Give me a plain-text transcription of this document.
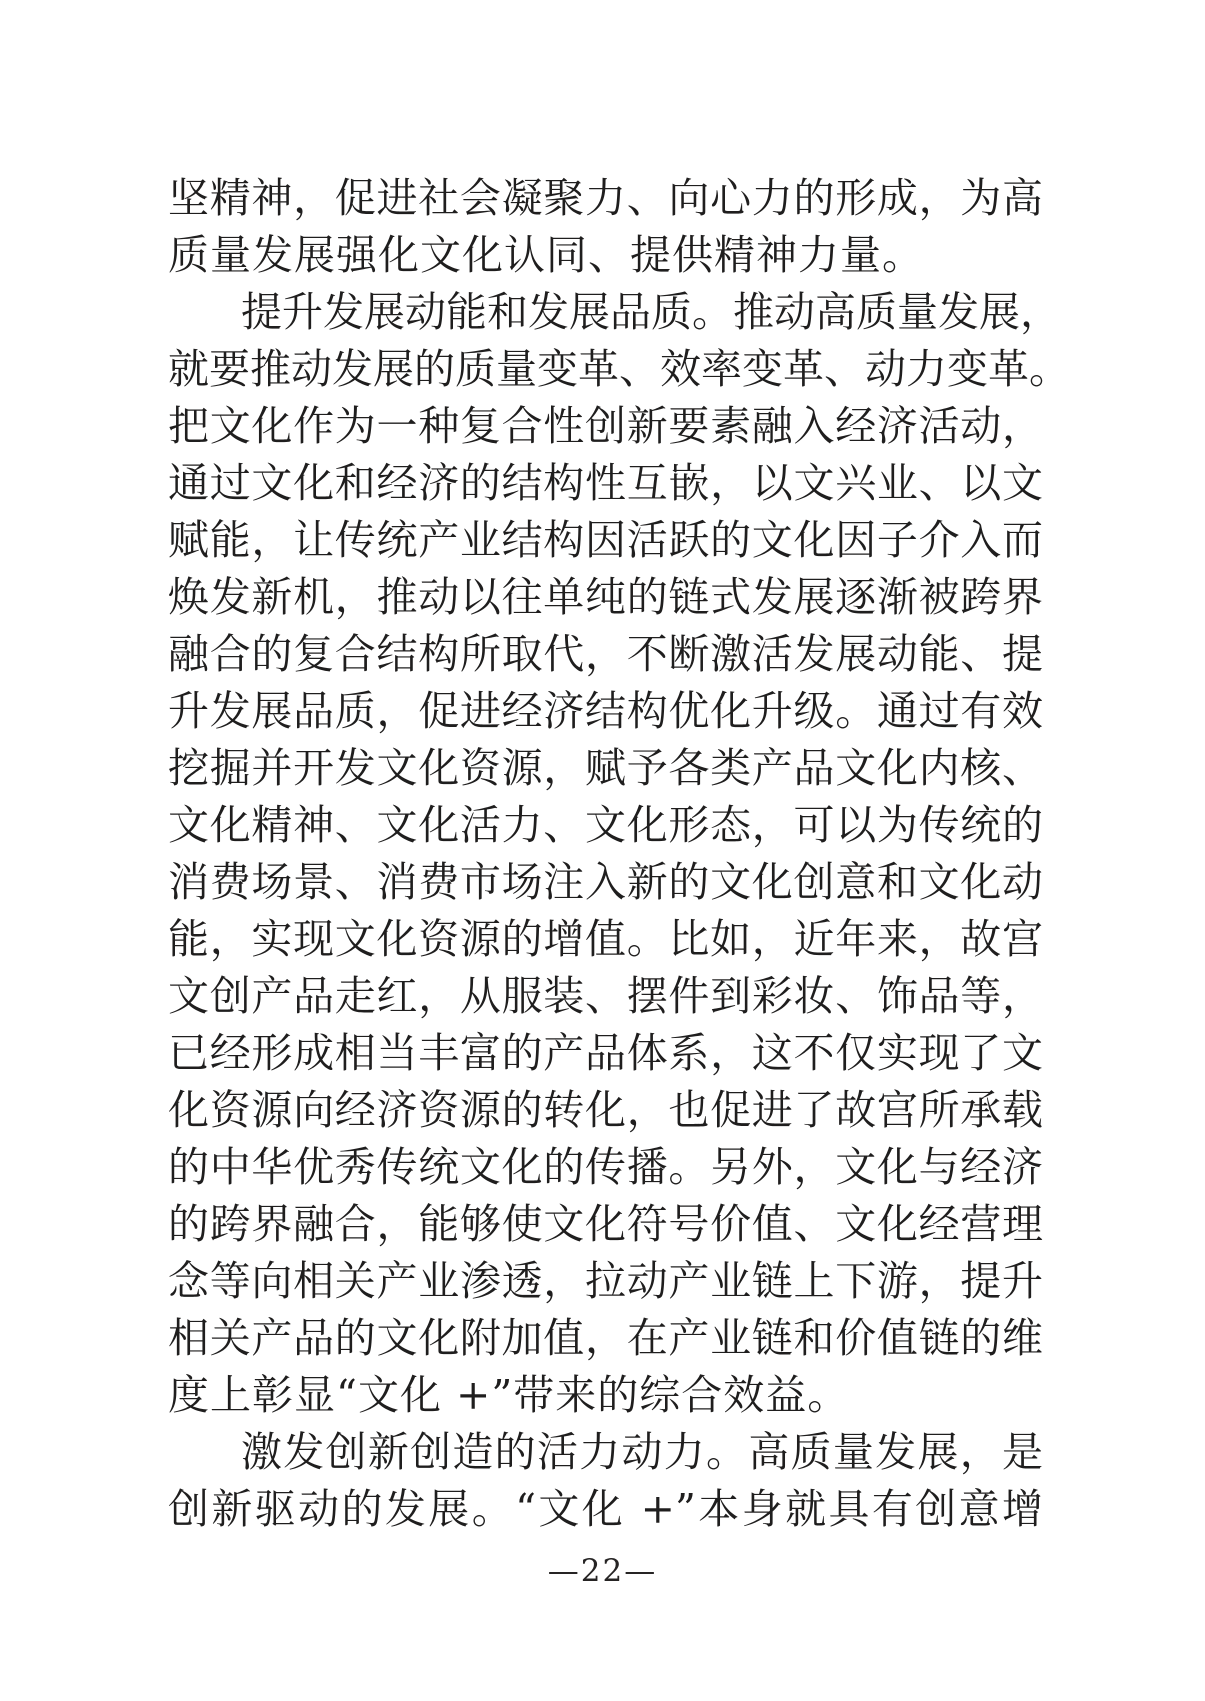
坚精神，促进社会凝聚力、向心力的形成，为高
质量发展强化文化认同、提供精神力量。
提升发展动能和发展品质。推动高质量发展，
就要推动发展的质量变革、效率变革、动力变革。
把文化作为一种复合性创新要素融入经济活动，
通过文化和经济的结构性互嵌，以文兴业、以文
赋能，让传统产业结构因活跃的文化因子介入而
焕发新机，推动以往单纯的链式发展逐渐被跨界
融合的复合结构所取代，不断激活发展动能、提
升发展品质，促进经济结构优化升级。通过有效
挖掘并开发文化资源，赋予各类产品文化内核、
文化精神、文化活力、文化形态，可以为传统的
消费场景、消费市场注入新的文化创意和文化动
能，实现文化资源的增值。比如，近年来，故宫
文创产品走红，从服装、摆件到彩妆、饰品等，
已经形成相当丰富的产品体系，这不仅实现了文
化资源向经济资源的转化，也促进了故宫所承载
的中华优秀传统文化的传播。另外，文化与经济
的跨界融合，能够使文化符号价值、文化经营理
念等向相关产业渗透，拉动产业链上下游，提升
相关产品的文化附加值，在产业链和价值链的维
度上彰显“文化 +”带来的综合效益。
激发创新创造的活力动力。高质量发展，是
创新驱动的发展。“文化 +”本身就具有创意增
—22—
